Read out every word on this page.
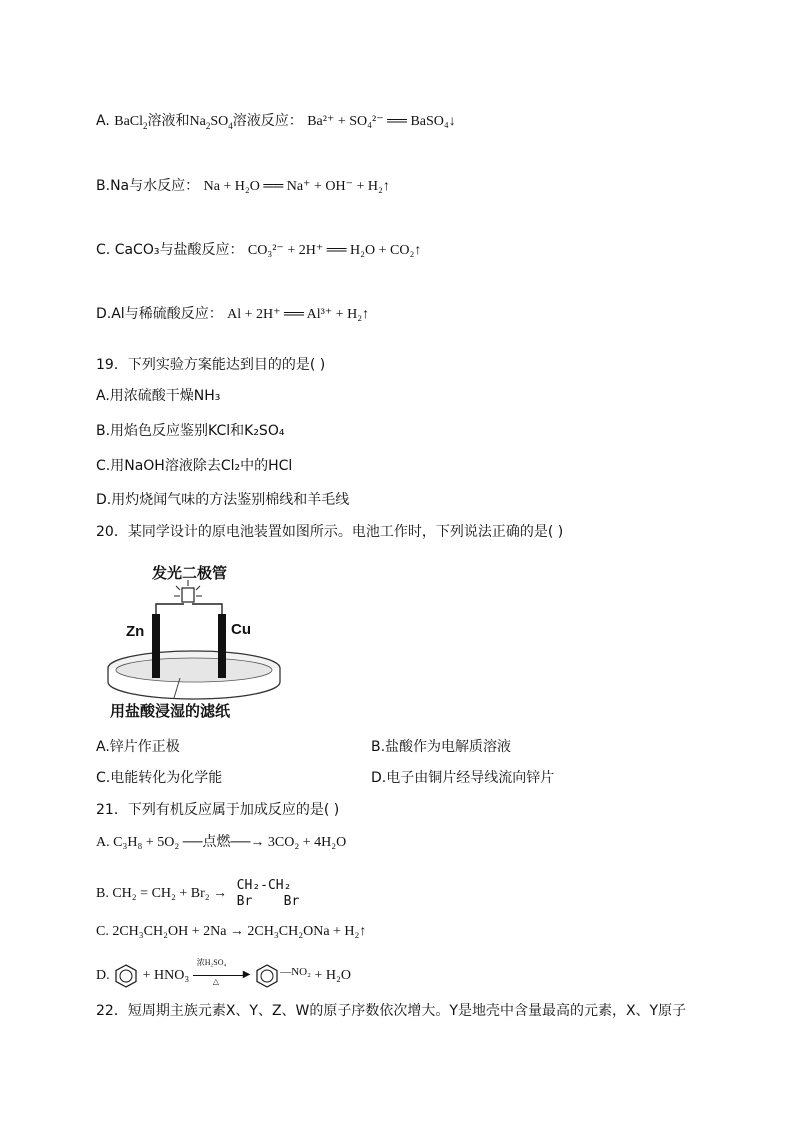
A. BaCl$_2$溶液和$Na_2SO_4$溶液反应： Ba²⁺ + SO₄²⁻ ══ BaSO₄↓
B.Na与水反应： Na + H₂O ══ Na⁺ + OH⁻ + H₂↑
C. CaCO₃与盐酸反应： CO₃²⁻ + 2H⁺ ══ H₂O + CO₂↑
D.Al与稀硫酸反应： Al + 2H⁺ ══ Al³⁺ + H₂↑
19．下列实验方案能达到目的的是( )
A.用浓硫酸干燥NH₃
B.用焰色反应鉴别KCl和K₂SO₄
C.用NaOH溶液除去Cl₂中的HCl
D.用灼烧闻气味的方法鉴别棉线和羊毛线
20．某同学设计的原电池装置如图所示。电池工作时，下列说法正确的是( )
Zn	Cu
发光二极管
用盐酸浸湿的滤纸
A.锌片作正极	B.盐酸作为电解质溶液
C.电能转化为化学能	D.电子由铜片经导线流向锌片
21．下列有机反应属于加成反应的是( )
A. C₃H₈ + 5O₂ ──点燃──→ 3CO₂ + 4H₂O
B. CH₂ = CH₂ + Br₂ →
CH₂-CH₂
Br    Br
C. 2CH₃CH₂OH + 2Na → 2CH₃CH₂ONa + H₂↑
D. + HNO₃
浓H₂SO₄
▶
△
$^{—NO_2}$ + H₂O
22．短周期主族元素X、Y、Z、W的原子序数依次增大。Y是地壳中含量最高的元素，X、Y原子
